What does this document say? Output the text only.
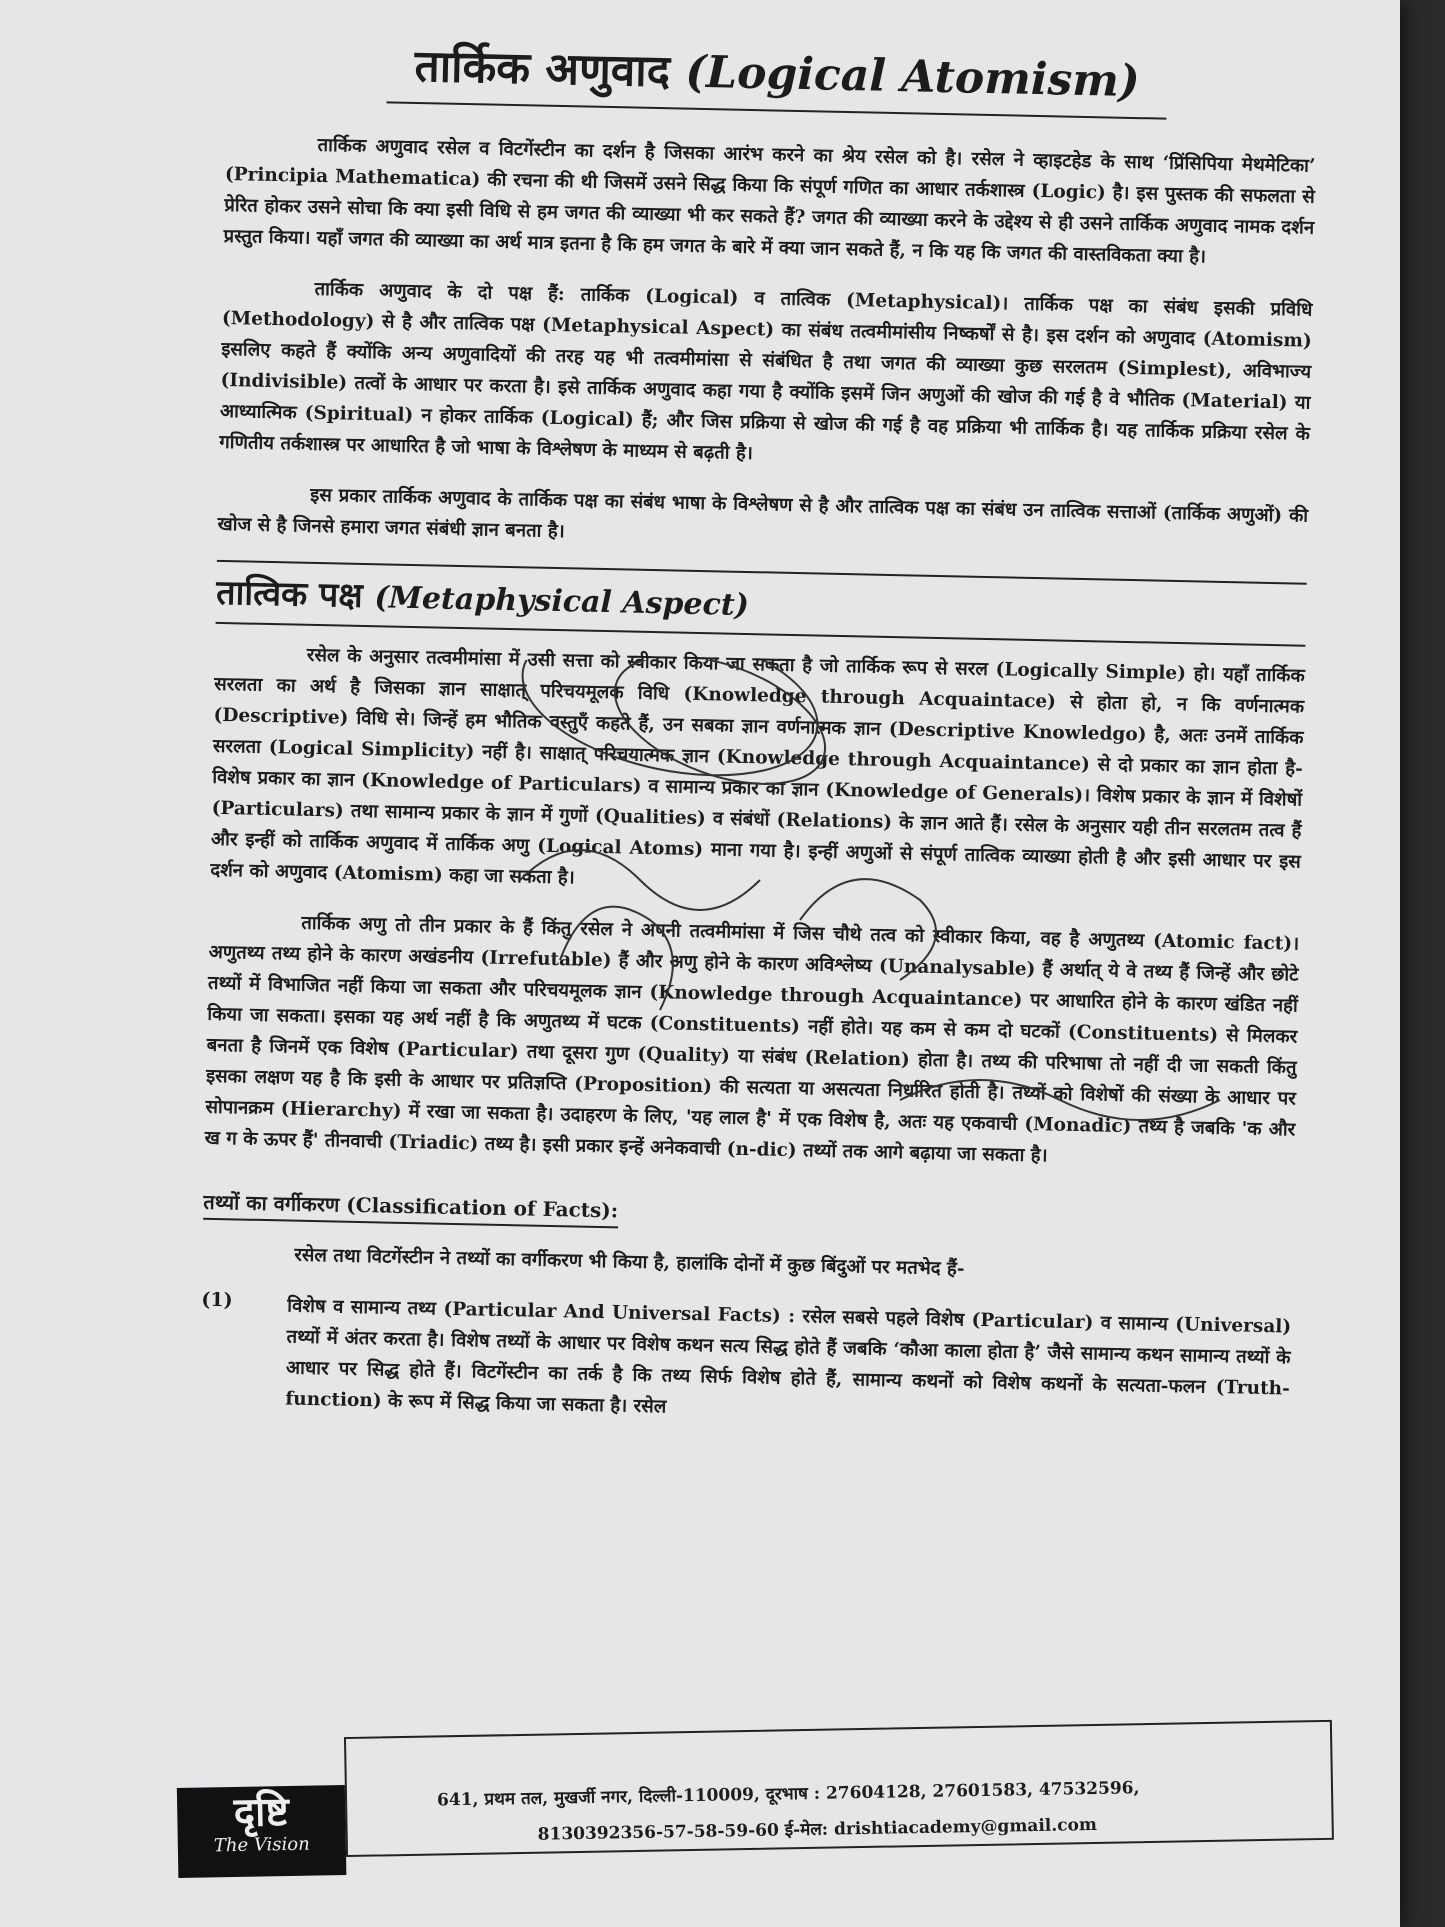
तार्किक अणुवाद (Logical Atomism)

तार्किक अणुवाद रसेल व विटगेंस्टीन का दर्शन है जिसका आरंभ करने का श्रेय रसेल को है। रसेल ने व्हाइटहेड के साथ ‘प्रिंसिपिया मेथमेटिका’ (Principia Mathematica) की रचना की थी जिसमें उसने सिद्ध किया कि संपूर्ण गणित का आधार तर्कशास्त्र (Logic) है। इस पुस्तक की सफलता से प्रेरित होकर उसने सोचा कि क्या इसी विधि से हम जगत की व्याख्या भी कर सकते हैं? जगत की व्याख्या करने के उद्देश्य से ही उसने तार्किक अणुवाद नामक दर्शन प्रस्तुत किया। यहाँ जगत की व्याख्या का अर्थ मात्र इतना है कि हम जगत के बारे में क्या जान सकते हैं, न कि यह कि जगत की वास्तविकता क्या है।

तार्किक अणुवाद के दो पक्ष हैं: तार्किक (Logical) व तात्विक (Metaphysical)। तार्किक पक्ष का संबंध इसकी प्रविधि (Methodology) से है और तात्विक पक्ष (Metaphysical Aspect) का संबंध तत्वमीमांसीय निष्कर्षों से है। इस दर्शन को अणुवाद (Atomism) इसलिए कहते हैं क्योंकि अन्य अणुवादियों की तरह यह भी तत्वमीमांसा से संबंधित है तथा जगत की व्याख्या कुछ सरलतम (Simplest), अविभाज्य (Indivisible) तत्वों के आधार पर करता है। इसे तार्किक अणुवाद कहा गया है क्योंकि इसमें जिन अणुओं की खोज की गई है वे भौतिक (Material) या आध्यात्मिक (Spiritual) न होकर तार्किक (Logical) हैं; और जिस प्रक्रिया से खोज की गई है वह प्रक्रिया भी तार्किक है। यह तार्किक प्रक्रिया रसेल के गणितीय तर्कशास्त्र पर आधारित है जो भाषा के विश्लेषण के माध्यम से बढ़ती है।

इस प्रकार तार्किक अणुवाद के तार्किक पक्ष का संबंध भाषा के विश्लेषण से है और तात्विक पक्ष का संबंध उन तात्विक सत्ताओं (तार्किक अणुओं) की खोज से है जिनसे हमारा जगत संबंधी ज्ञान बनता है।

तात्विक पक्ष (Metaphysical Aspect)

रसेल के अनुसार तत्वमीमांसा में उसी सत्ता को स्वीकार किया जा सकता है जो तार्किक रूप से सरल (Logically Simple) हो। यहाँ तार्किक सरलता का अर्थ है जिसका ज्ञान साक्षात् परिचयमूलक विधि (Knowledge through Acquaintace) से होता हो, न कि वर्णनात्मक (Descriptive) विधि से। जिन्हें हम भौतिक वस्तुएँ कहते हैं, उन सबका ज्ञान वर्णनात्मक ज्ञान (Descriptive Knowledgo) है, अतः उनमें तार्किक सरलता (Logical Simplicity) नहीं है। साक्षात् परिचयात्मक ज्ञान (Knowledge through Acquaintance) से दो प्रकार का ज्ञान होता है-विशेष प्रकार का ज्ञान (Knowledge of Particulars) व सामान्य प्रकार का ज्ञान (Knowledge of Generals)। विशेष प्रकार के ज्ञान में विशेषों (Particulars) तथा सामान्य प्रकार के ज्ञान में गुणों (Qualities) व संबंधों (Relations) के ज्ञान आते हैं। रसेल के अनुसार यही तीन सरलतम तत्व हैं और इन्हीं को तार्किक अणुवाद में तार्किक अणु (Logical Atoms) माना गया है। इन्हीं अणुओं से संपूर्ण तात्विक व्याख्या होती है और इसी आधार पर इस दर्शन को अणुवाद (Atomism) कहा जा सकता है।

तार्किक अणु तो तीन प्रकार के हैं किंतु रसेल ने अपनी तत्वमीमांसा में जिस चौथे तत्व को स्वीकार किया, वह है अणुतथ्य (Atomic fact)। अणुतथ्य तथ्य होने के कारण अखंडनीय (Irrefutable) हैं और अणु होने के कारण अविश्लेष्य (Unanalysable) हैं अर्थात् ये वे तथ्य हैं जिन्हें और छोटे तथ्यों में विभाजित नहीं किया जा सकता और परिचयमूलक ज्ञान (Knowledge through Acquaintance) पर आधारित होने के कारण खंडित नहीं किया जा सकता। इसका यह अर्थ नहीं है कि अणुतथ्य में घटक (Constituents) नहीं होते। यह कम से कम दो घटकों (Constituents) से मिलकर बनता है जिनमें एक विशेष (Particular) तथा दूसरा गुण (Quality) या संबंध (Relation) होता है। तथ्य की परिभाषा तो नहीं दी जा सकती किंतु इसका लक्षण यह है कि इसी के आधार पर प्रतिज्ञप्ति (Proposition) की सत्यता या असत्यता निर्धारित होती है। तथ्यों को विशेषों की संख्या के आधार पर सोपानक्रम (Hierarchy) में रखा जा सकता है। उदाहरण के लिए, 'यह लाल है' में एक विशेष है, अतः यह एकवाची (Monadic) तथ्य है जबकि 'क और ख ग के ऊपर हैं' तीनवाची (Triadic) तथ्य है। इसी प्रकार इन्हें अनेकवाची (n-dic) तथ्यों तक आगे बढ़ाया जा सकता है।

तथ्यों का वर्गीकरण (Classification of Facts):

रसेल तथा विटगेंस्टीन ने तथ्यों का वर्गीकरण भी किया है, हालांकि दोनों में कुछ बिंदुओं पर मतभेद हैं-

(1)	विशेष व सामान्य तथ्य (Particular And Universal Facts) : रसेल सबसे पहले विशेष (Particular) व सामान्य (Universal) तथ्यों में अंतर करता है। विशेष तथ्यों के आधार पर विशेष कथन सत्य सिद्ध होते हैं जबकि ‘कौआ काला होता है’ जैसे सामान्य कथन सामान्य तथ्यों के आधार पर सिद्ध होते हैं। विटगेंस्टीन का तर्क है कि तथ्य सिर्फ विशेष होते हैं, सामान्य कथनों को विशेष कथनों के सत्यता-फलन (Truth-function) के रूप में सिद्ध किया जा सकता है। रसेल
दृष्टि
The Vision
641, प्रथम तल, मुखर्जी नगर, दिल्ली-110009, दूरभाष : 27604128, 27601583, 47532596,
8130392356-57-58-59-60 ई-मेल: drishtiacademy@gmail.com
